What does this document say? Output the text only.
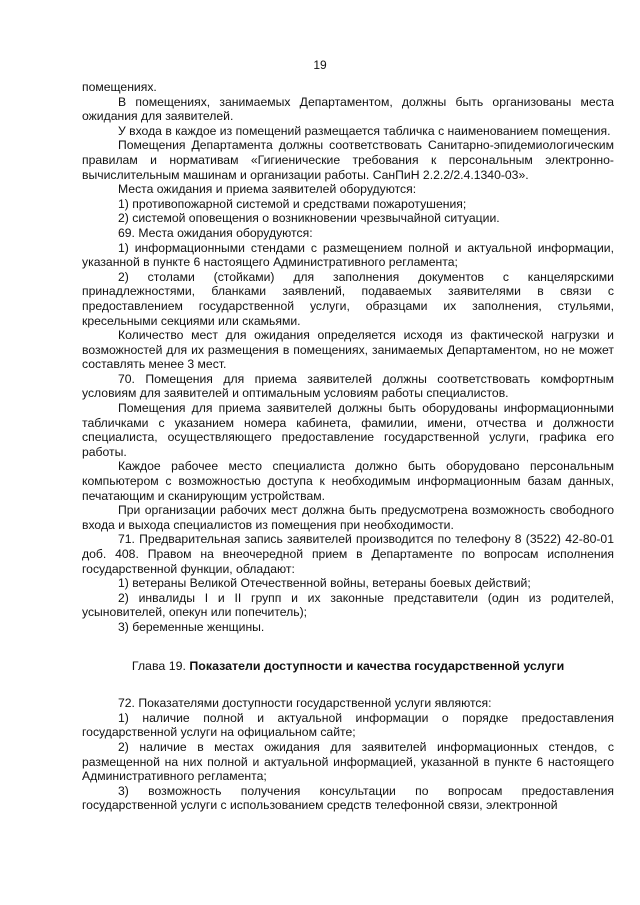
19

помещениях.

В помещениях, занимаемых Департаментом, должны быть организованы места ожидания для заявителей.

У входа в каждое из помещений размещается табличка с наименованием помещения.

Помещения Департамента должны соответствовать Санитарно-эпидемиологическим правилам и нормативам «Гигиенические требования к персональным электронно-вычислительным машинам и организации работы. СанПиН 2.2.2/2.4.1340-03».

Места ожидания и приема заявителей оборудуются:

1) противопожарной системой и средствами пожаротушения;

2) системой оповещения о возникновении чрезвычайной ситуации.

69. Места ожидания оборудуются:

1) информационными стендами с размещением полной и актуальной информации, указанной в пункте 6 настоящего Административного регламента;

2) столами (стойками) для заполнения документов с канцелярскими принадлежностями, бланками заявлений, подаваемых заявителями в связи с предоставлением государственной услуги, образцами их заполнения, стульями, кресельными секциями или скамьями.

Количество мест для ожидания определяется исходя из фактической нагрузки и возможностей для их размещения в помещениях, занимаемых Департаментом, но не может составлять менее 3 мест.

70. Помещения для приема заявителей должны соответствовать комфортным условиям для заявителей и оптимальным условиям работы специалистов.

Помещения для приема заявителей должны быть оборудованы информационными табличками с указанием номера кабинета, фамилии, имени, отчества и должности специалиста, осуществляющего предоставление государственной услуги, графика его работы.

Каждое рабочее место специалиста должно быть оборудовано персональным компьютером с возможностью доступа к необходимым информационным базам данных, печатающим и сканирующим устройствам.

При организации рабочих мест должна быть предусмотрена возможность свободного входа и выхода специалистов из помещения при необходимости.

71. Предварительная запись заявителей производится по телефону 8 (3522) 42-80-01 доб. 408. Правом на внеочередной прием в Департаменте по вопросам исполнения государственной функции, обладают:

1) ветераны Великой Отечественной войны, ветераны боевых действий;

2) инвалиды I и II групп и их законные представители (один из родителей, усыновителей, опекун или попечитель);

3) беременные женщины.

Глава 19. Показатели доступности и качества государственной услуги

72. Показателями доступности государственной услуги являются:

1) наличие полной и актуальной информации о порядке предоставления государственной услуги на официальном сайте;

2) наличие в местах ожидания для заявителей информационных стендов, с размещенной на них полной и актуальной информацией, указанной в пункте 6 настоящего Административного регламента;

3) возможность получения консультации по вопросам предоставления государственной услуги с использованием средств телефонной связи, электронной
